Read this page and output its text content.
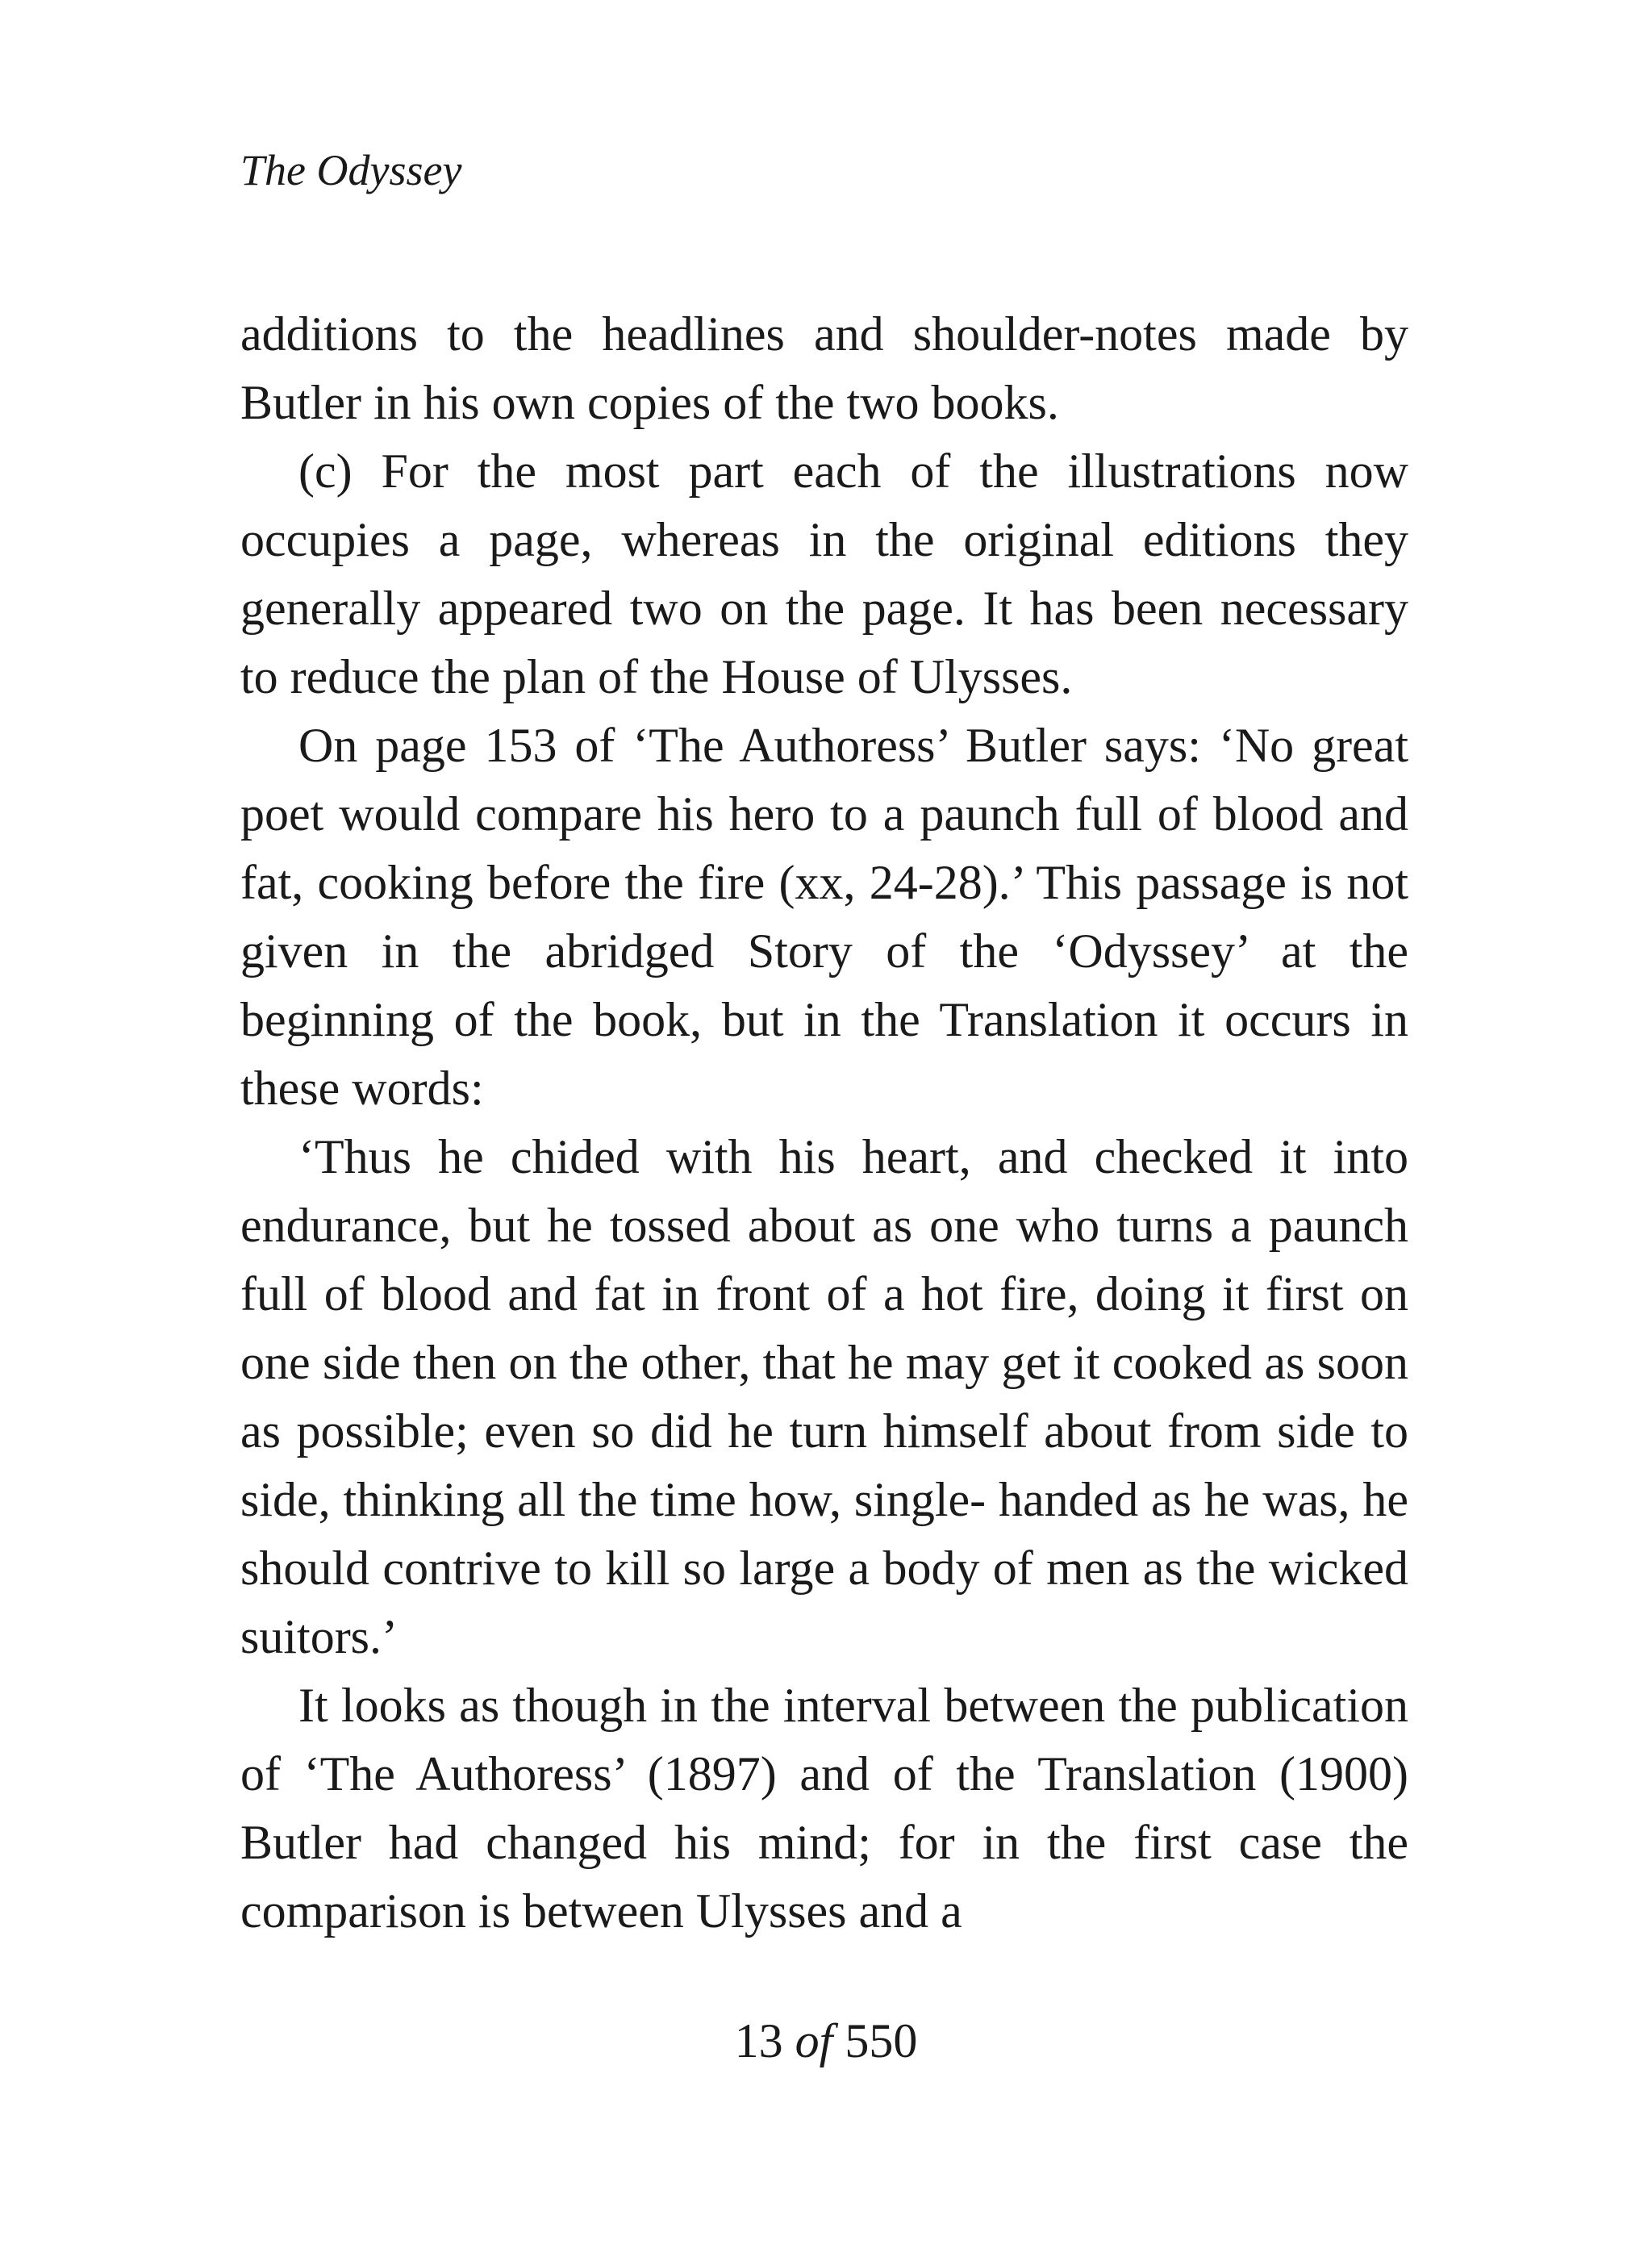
The Odyssey

additions to the headlines and shoulder-notes made by Butler in his own copies of the two books.

(c) For the most part each of the illustrations now occupies a page, whereas in the original editions they generally appeared two on the page. It has been necessary to reduce the plan of the House of Ulysses.

On page 153 of ‘The Authoress’ Butler says: ‘No great poet would compare his hero to a paunch full of blood and fat, cooking before the fire (xx, 24-28).’ This passage is not given in the abridged Story of the ‘Odyssey’ at the beginning of the book, but in the Translation it occurs in these words:

‘Thus he chided with his heart, and checked it into endurance, but he tossed about as one who turns a paunch full of blood and fat in front of a hot fire, doing it first on one side then on the other, that he may get it cooked as soon as possible; even so did he turn himself about from side to side, thinking all the time how, single- handed as he was, he should contrive to kill so large a body of men as the wicked suitors.’

It looks as though in the interval between the publication of ‘The Authoress’ (1897) and of the Translation (1900) Butler had changed his mind; for in the first case the comparison is between Ulysses and a

13 of 550
